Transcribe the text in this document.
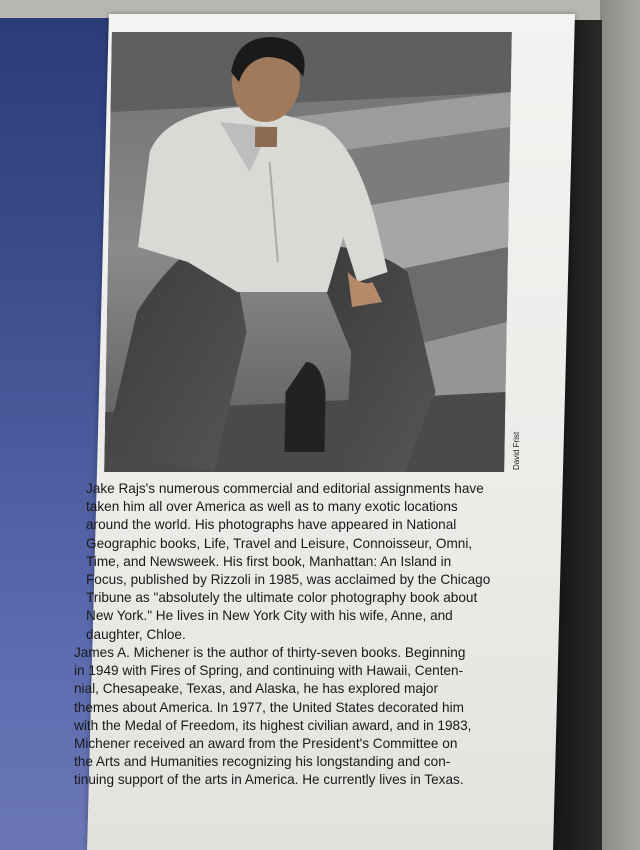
David Frist
Jake Rajs's numerous commercial and editorial assignments have
taken him all over America as well as to many exotic locations
around the world. His photographs have appeared in National
Geographic books, Life, Travel and Leisure, Connoisseur, Omni,
Time, and Newsweek. His first book, Manhattan: An Island in
Focus, published by Rizzoli in 1985, was acclaimed by the Chicago
Tribune as "absolutely the ultimate color photography book about
New York." He lives in New York City with his wife, Anne, and
daughter, Chloe.
James A. Michener is the author of thirty-seven books. Beginning
in 1949 with Fires of Spring, and continuing with Hawaii, Centen-
nial, Chesapeake, Texas, and Alaska, he has explored major
themes about America. In 1977, the United States decorated him
with the Medal of Freedom, its highest civilian award, and in 1983,
Michener received an award from the President's Committee on
the Arts and Humanities recognizing his longstanding and con-
tinuing support of the arts in America. He currently lives in Texas.
